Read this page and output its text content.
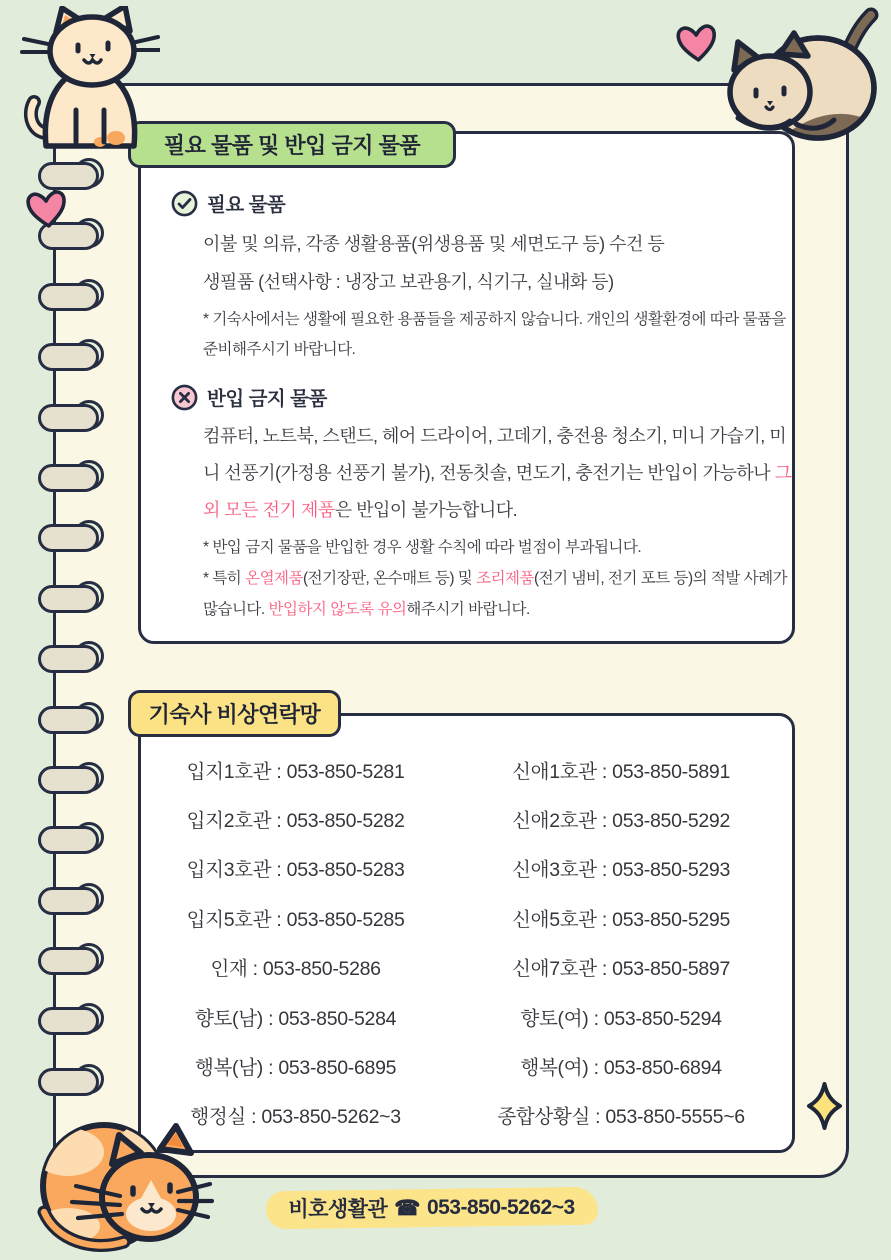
필요 물품
이불 및 의류, 각종 생활용품(위생용품 및 세면도구 등) 수건 등
생필품 (선택사항 : 냉장고 보관용기, 식기구, 실내화 등)
* 기숙사에서는 생활에 필요한 용품들을 제공하지 않습니다. 개인의 생활환경에 따라 물품을 준비해주시기 바랍니다.
반입 금지 물품
컴퓨터, 노트북, 스탠드, 헤어 드라이어, 고데기, 충전용 청소기, 미니 가습기, 미니 선풍기(가정용 선풍기 불가), 전동칫솔, 면도기, 충전기는 반입이 가능하나 그 외 모든 전기 제품은 반입이 불가능합니다.
* 반입 금지 물품을 반입한 경우 생활 수칙에 따라 벌점이 부과됩니다.
* 특히 온열제품(전기장판, 온수매트 등) 및 조리제품(전기 냄비, 전기 포트 등)의 적발 사례가 많습니다. 반입하지 않도록 유의해주시기 바랍니다.
필요 물품 및 반입 금지 물품
입지1호관 : 053-850-5281	신애1호관 : 053-850-5891
입지2호관 : 053-850-5282	신애2호관 : 053-850-5292
입지3호관 : 053-850-5283	신애3호관 : 053-850-5293
입지5호관 : 053-850-5285	신애5호관 : 053-850-5295
인재 : 053-850-5286	신애7호관 : 053-850-5897
향토(남) : 053-850-5284	향토(여) : 053-850-5294
행복(남) : 053-850-6895	행복(여) : 053-850-6894
행정실 : 053-850-5262~3	종합상황실 : 053-850-5555~6
기숙사 비상연락망
비호생활관 ☎ 053-850-5262~3
